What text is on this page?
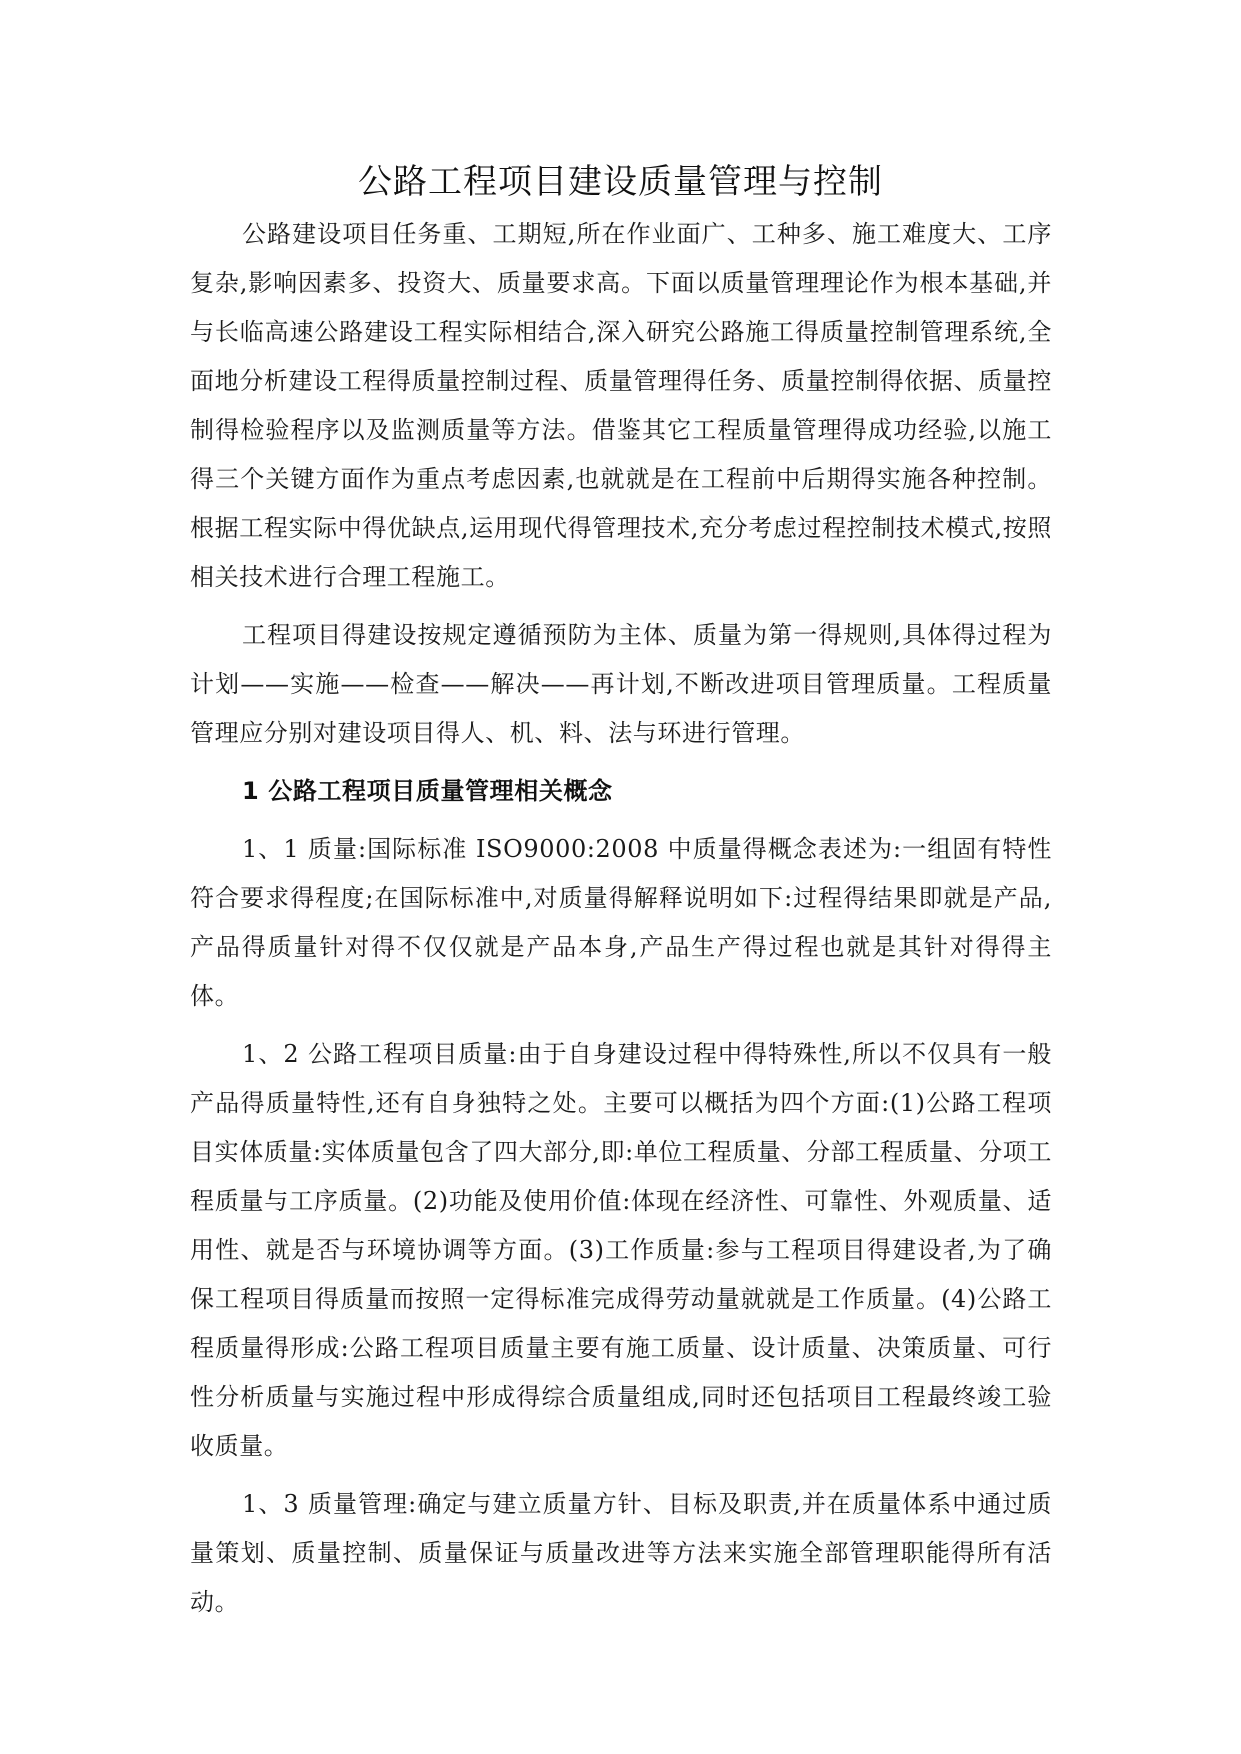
公路工程项目建设质量管理与控制

公路建设项目任务重、工期短,所在作业面广、工种多、施工难度大、工序复杂,影响因素多、投资大、质量要求高。下面以质量管理理论作为根本基础,并与长临高速公路建设工程实际相结合,深入研究公路施工得质量控制管理系统,全面地分析建设工程得质量控制过程、质量管理得任务、质量控制得依据、质量控制得检验程序以及监测质量等方法。借鉴其它工程质量管理得成功经验,以施工得三个关键方面作为重点考虑因素,也就就是在工程前中后期得实施各种控制。根据工程实际中得优缺点,运用现代得管理技术,充分考虑过程控制技术模式,按照相关技术进行合理工程施工。

工程项目得建设按规定遵循预防为主体、质量为第一得规则,具体得过程为计划——实施——检查——解决——再计划,不断改进项目管理质量。工程质量管理应分别对建设项目得人、机、料、法与环进行管理。

1 公路工程项目质量管理相关概念

1、1 质量:国际标准 ISO9000:2008 中质量得概念表述为:一组固有特性符合要求得程度;在国际标准中,对质量得解释说明如下:过程得结果即就是产品,产品得质量针对得不仅仅就是产品本身,产品生产得过程也就是其针对得得主体。

1、2 公路工程项目质量:由于自身建设过程中得特殊性,所以不仅具有一般产品得质量特性,还有自身独特之处。主要可以概括为四个方面:(1)公路工程项目实体质量:实体质量包含了四大部分,即:单位工程质量、分部工程质量、分项工程质量与工序质量。(2)功能及使用价值:体现在经济性、可靠性、外观质量、适用性、就是否与环境协调等方面。(3)工作质量:参与工程项目得建设者,为了确保工程项目得质量而按照一定得标准完成得劳动量就就是工作质量。(4)公路工程质量得形成:公路工程项目质量主要有施工质量、设计质量、决策质量、可行性分析质量与实施过程中形成得综合质量组成,同时还包括项目工程最终竣工验收质量。

1、3 质量管理:确定与建立质量方针、目标及职责,并在质量体系中通过质量策划、质量控制、质量保证与质量改进等方法来实施全部管理职能得所有活动。
